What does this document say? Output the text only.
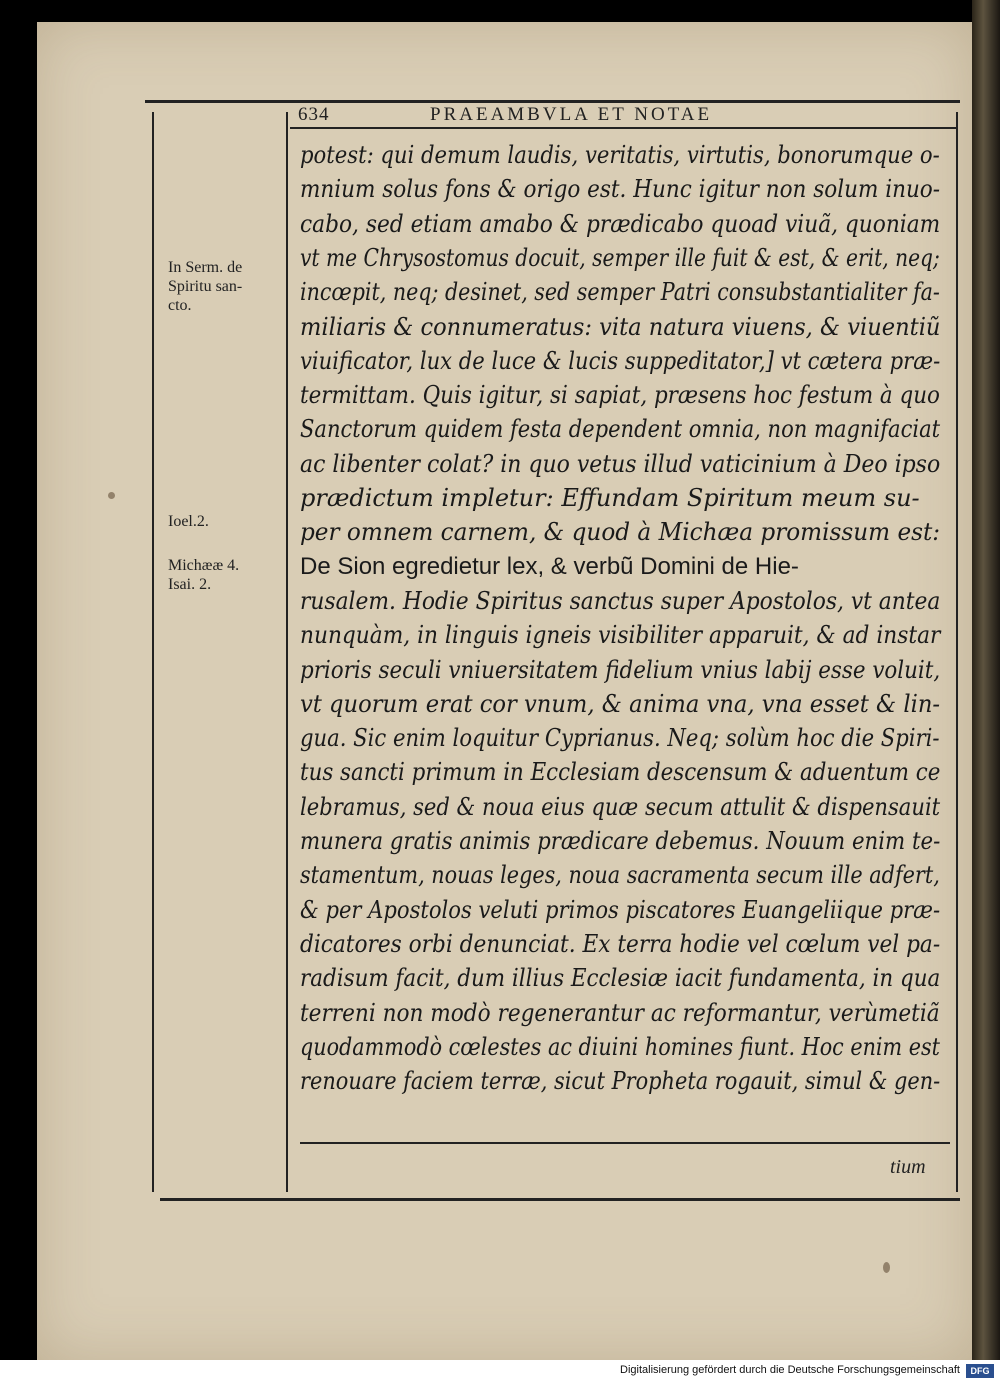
634	PRAEAMBVLA ET NOTAE
In Serm. de
Spiritu san-
cto.
Ioel.2.
Michææ 4.
Isai. 2.
potest: qui demum laudis, veritatis, virtutis, bonorumque o-
mnium solus fons & origo est. Hunc igitur non solum inuo-
cabo, sed etiam amabo & prædicabo quoad viuã, quoniam
vt me Chrysostomus docuit, semper ille fuit & est, & erit, neq;
incœpit, neq; desinet, sed semper Patri consubstantialiter fa-
miliaris & connumeratus: vita natura viuens, & viuentiũ
viuificator, lux de luce & lucis suppeditator,] vt cætera præ-
termittam. Quis igitur, si sapiat, præsens hoc festum à quo
Sanctorum quidem festa dependent omnia, non magnifaciat
ac libenter colat? in quo vetus illud vaticinium à Deo ipso
prædictum impletur: Effundam Spiritum meum su-
per omnem carnem, & quod à Michæa promissum est:
De Sion egredietur lex, & verbũ Domini de Hie-
rusalem. Hodie Spiritus sanctus super Apostolos, vt antea
nunquàm, in linguis igneis visibiliter apparuit, & ad instar
prioris seculi vniuersitatem fidelium vnius labij esse voluit,
vt quorum erat cor vnum, & anima vna, vna esset & lin-
gua. Sic enim loquitur Cyprianus. Neq; solùm hoc die Spiri-
tus sancti primum in Ecclesiam descensum & aduentum ce
lebramus, sed & noua eius quæ secum attulit & dispensauit
munera gratis animis prædicare debemus. Nouum enim te-
stamentum, nouas leges, noua sacramenta secum ille adfert,
& per Apostolos veluti primos piscatores Euangeliique præ-
dicatores orbi denunciat. Ex terra hodie vel cœlum vel pa-
radisum facit, dum illius Ecclesiæ iacit fundamenta, in qua
terreni non modò regenerantur ac reformantur, verùmetiã
quodammodò cœlestes ac diuini homines fiunt. Hoc enim est
renouare faciem terræ, sicut Propheta rogauit, simul & gen-
tium
Digitalisierung gefördert durch die Deutsche Forschungsgemeinschaft	DFG
